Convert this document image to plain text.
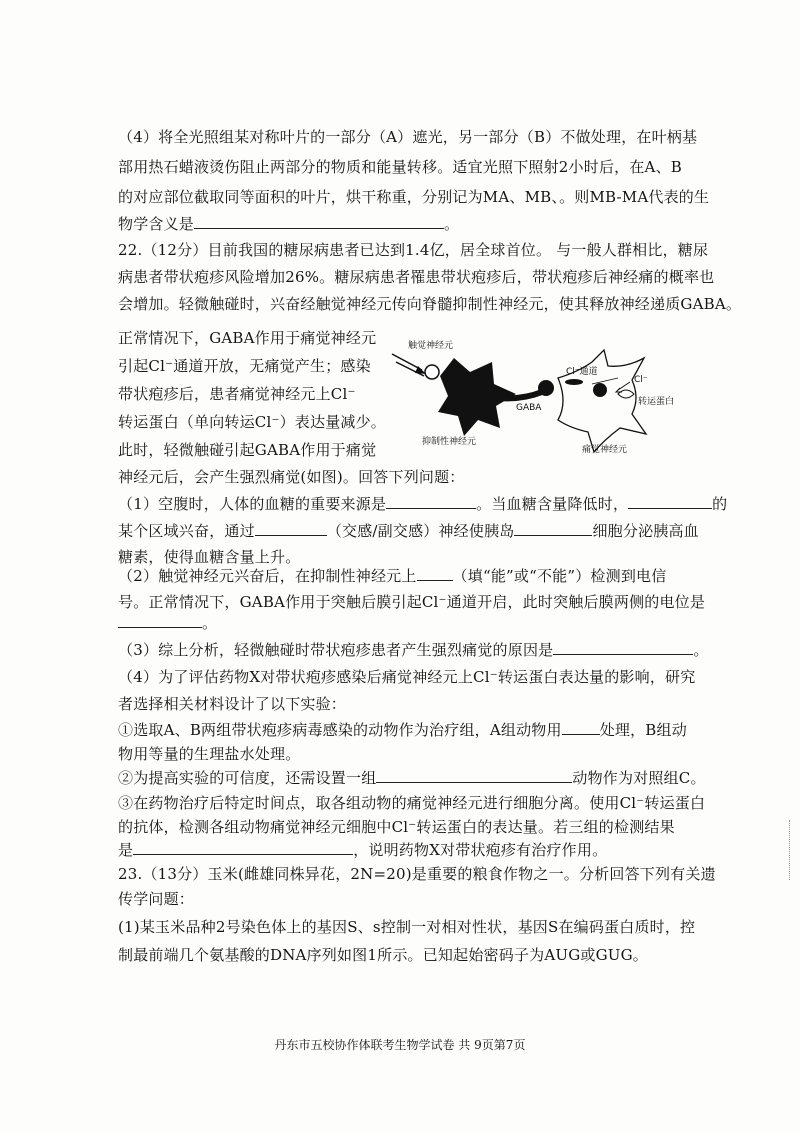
（4）将全光照组某对称叶片的一部分（A）遮光，另一部分（B）不做处理，在叶柄基

部用热石蜡液烫伤阻止两部分的物质和能量转移。适宜光照下照射2小时后，在A、B

的对应部位截取同等面积的叶片，烘干称重，分别记为MA、MB、。则MB-MA代表的生

物学含义是	。

22.（12分）目前我国的糖尿病患者已达到1.4亿，居全球首位。 与一般人群相比，糖尿

病患者带状疱疹风险增加26%。糖尿病患者罹患带状疱疹后，带状疱疹后神经痛的概率也

会增加。轻微触碰时，兴奋经触觉神经元传向脊髓抑制性神经元，使其释放神经递质GABA。

正常情况下，GABA作用于痛觉神经元

引起Cl⁻通道开放，无痛觉产生；感染

带状疱疹后，患者痛觉神经元上Cl⁻

转运蛋白（单向转运Cl⁻）表达量减少。

此时，轻微触碰引起GABA作用于痛觉

神经元后，会产生强烈痛觉(如图)。回答下列问题：

触觉神经元
Cl⁻通道
Cl⁻
转运蛋白
GABA
抑制性神经元
痛觉神经元

（1）空腹时，人体的血糖的重要来源是	。当血糖含量降低时，	的

某个区域兴奋，通过	（交感/副交感）神经使胰岛	细胞分泌胰高血

糖素，使得血糖含量上升。

（2）触觉神经元兴奋后，在抑制性神经元上 （填“能”或“不能”）检测到电信

号。正常情况下，GABA作用于突触后膜引起Cl⁻通道开启，此时突触后膜两侧的电位是

。

（3）综上分析，轻微触碰时带状疱疹患者产生强烈痛觉的原因是	。

（4）为了评估药物X对带状疱疹感染后痛觉神经元上Cl⁻转运蛋白表达量的影响，研究

者选择相关材料设计了以下实验：

①选取A、B两组带状疱疹病毒感染的动物作为治疗组，A组动物用	处理，B组动

物用等量的生理盐水处理。

②为提高实验的可信度，还需设置一组	动物作为对照组C。

③在药物治疗后特定时间点，取各组动物的痛觉神经元进行细胞分离。使用Cl⁻转运蛋白

的抗体，检测各组动物痛觉神经元细胞中Cl⁻转运蛋白的表达量。若三组的检测结果

是	，说明药物X对带状疱疹有治疗作用。

23.（13分）玉米(雌雄同株异花，2N=20)是重要的粮食作物之一。分析回答下列有关遗

传学问题：

(1)某玉米品种2号染色体上的基因S、s控制一对相对性状，基因S在编码蛋白质时，控

制最前端几个氨基酸的DNA序列如图1所示。已知起始密码子为AUG或GUG。

丹东市五校协作体联考生物学试卷 共 9页第7页
